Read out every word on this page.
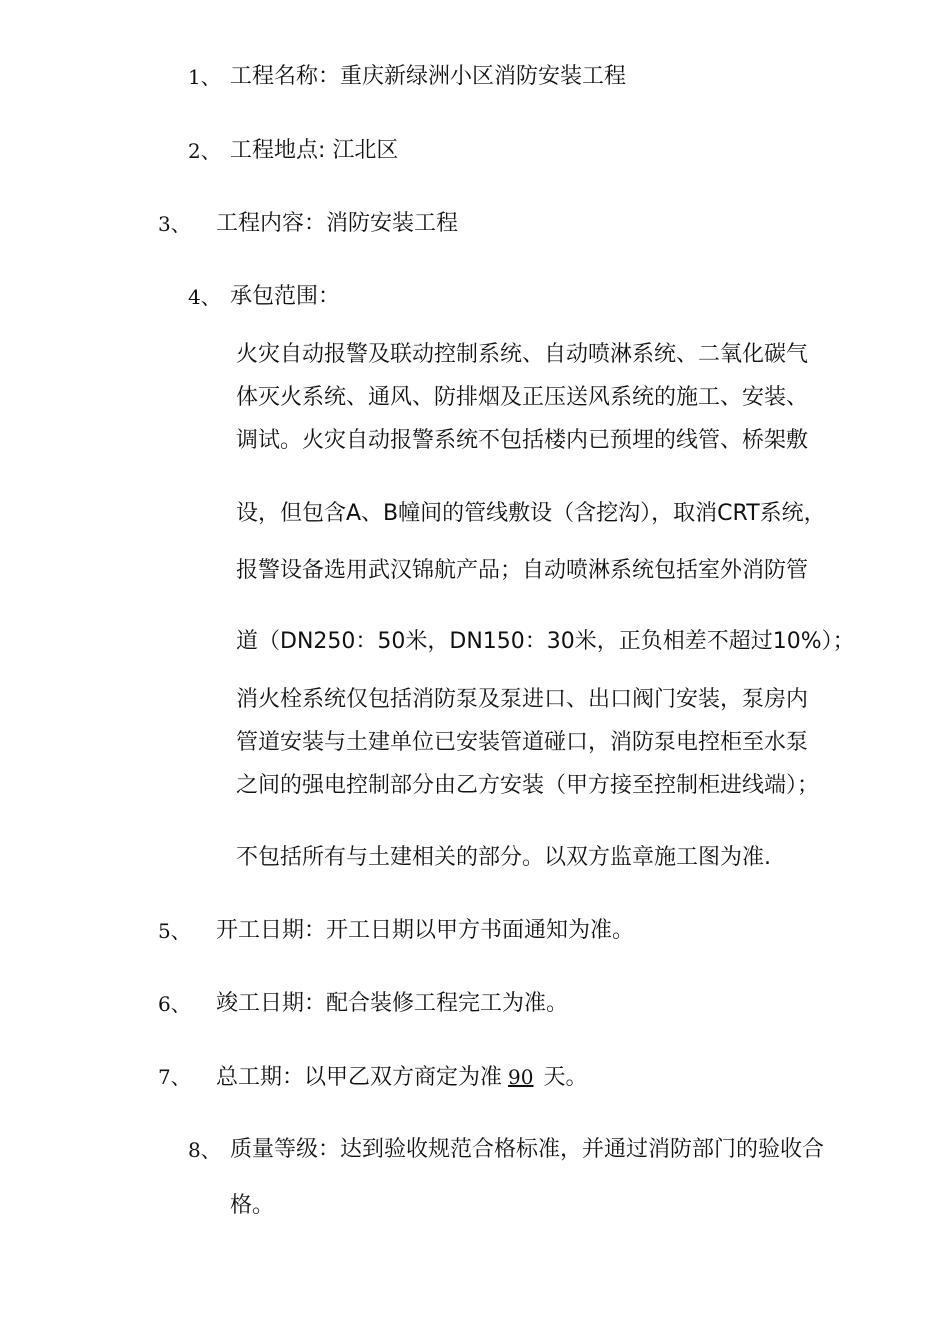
1、 工程名称：重庆新绿洲小区消防安装工程
2、 工程地点: 江北区
3、 工程内容：消防安装工程
4、 承包范围：
火灾自动报警及联动控制系统、自动喷淋系统、二氧化碳气
体灭火系统、通风、防排烟及正压送风系统的施工、安装、
调试。火灾自动报警系统不包括楼内已预埋的线管、桥架敷
设，但包含A、B幢间的管线敷设（含挖沟），取消CRT系统，
报警设备选用武汉锦航产品；自动喷淋系统包括室外消防管
道（DN250：50米，DN150：30米，正负相差不超过10%）；
消火栓系统仅包括消防泵及泵进口、出口阀门安装，泵房内
管道安装与土建单位已安装管道碰口，消防泵电控柜至水泵
之间的强电控制部分由乙方安装（甲方接至控制柜进线端）；
不包括所有与土建相关的部分。以双方监章施工图为准.
5、 开工日期：开工日期以甲方书面通知为准。
6、 竣工日期：配合装修工程完工为准。
7、 总工期：以甲乙双方商定为准 90 天。
8、 质量等级：达到验收规范合格标准，并通过消防部门的验收合
格。
